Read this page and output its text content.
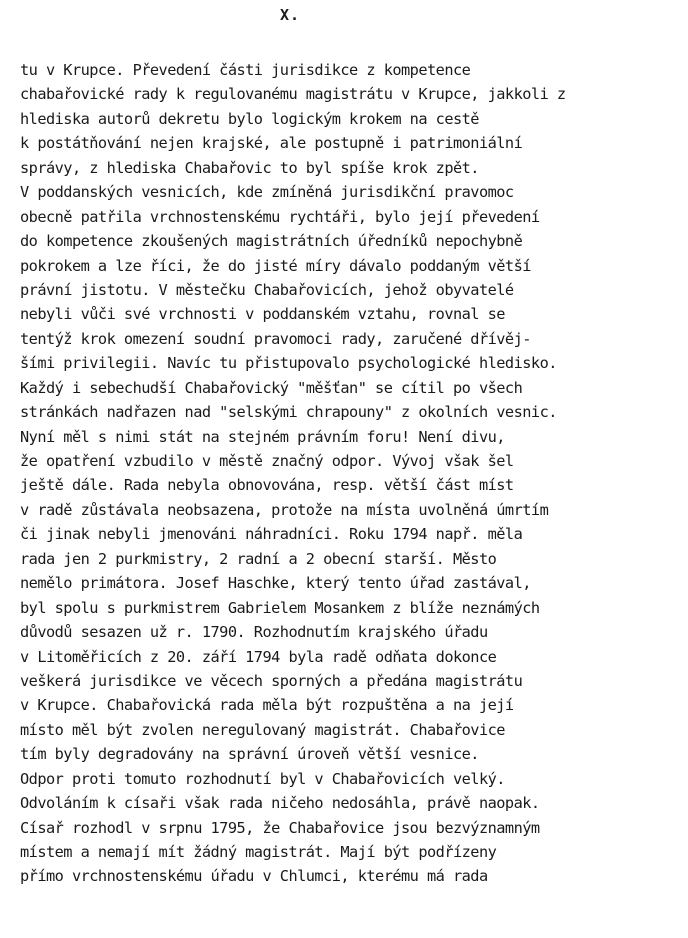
X.
tu v Krupce. Převedení části jurisdikce z kompetence
chabařovické rady k regulovanému magistrátu v Krupce, jakkoli z
hlediska autorů dekretu bylo logickým krokem na cestě
k postátňování nejen krajské, ale postupně i patrimoniální
správy, z hlediska Chabařovic to byl spíše krok zpět.
V poddanských vesnicích, kde zmíněná jurisdikční pravomoc
obecně patřila vrchnostenskému rychtáři, bylo její převedení
do kompetence zkoušených magistrátních úředníků nepochybně
pokrokem a lze říci, že do jisté míry dávalo poddaným větší
právní jistotu. V městečku Chabařovicích, jehož obyvatelé
nebyli vůči své vrchnosti v poddanském vztahu, rovnal se
tentýž krok omezení soudní pravomoci rady, zaručené dřívěj-
šími privilegii. Navíc tu přistupovalo psychologické hledisko.
Každý i sebechudší Chabařovický "měšťan" se cítil po všech
stránkách nadřazen nad "selskými chrapouny" z okolních vesnic.
Nyní měl s nimi stát na stejném právním foru! Není divu,
že opatření vzbudilo v městě značný odpor. Vývoj však šel
ještě dále. Rada nebyla obnovována, resp. větší část míst
v radě zůstávala neobsazena, protože na místa uvolněná úmrtím
či jinak nebyli jmenováni náhradníci. Roku 1794 např. měla
rada jen 2 purkmistry, 2 radní a 2 obecní starší. Město
nemělo primátora. Josef Haschke, který tento úřad zastával,
byl spolu s purkmistrem Gabrielem Mosankem z blíže neznámých
důvodů sesazen už r. 1790. Rozhodnutím krajského úřadu
v Litoměřicích z 20. září 1794 byla radě odňata dokonce
veškerá jurisdikce ve věcech sporných a předána magistrátu
v Krupce. Chabařovická rada měla být rozpuštěna a na její
místo měl být zvolen neregulovaný magistrát. Chabařovice
tím byly degradovány na správní úroveň větší vesnice.
Odpor proti tomuto rozhodnutí byl v Chabařovicích velký.
Odvoláním k císaři však rada ničeho nedosáhla, právě naopak.
Císař rozhodl v srpnu 1795, že Chabařovice jsou bezvýznamným
místem a nemají mít žádný magistrát. Mají být podřízeny
přímo vrchnostenskému úřadu v Chlumci, kterému má rada
